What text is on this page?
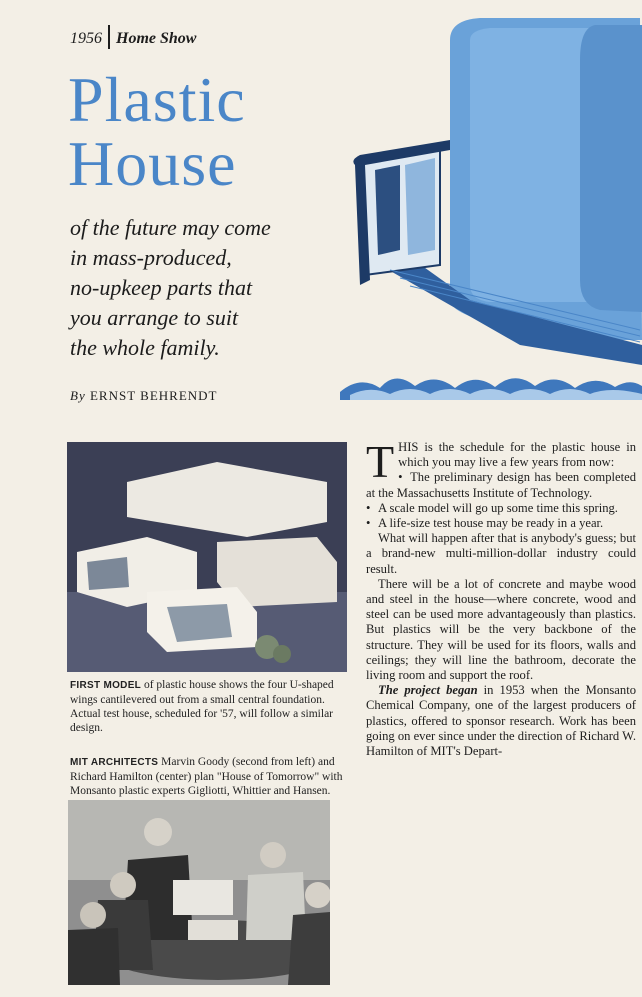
1956 Home Show
Plastic
House
of the future may come
in mass-produced,
no-upkeep parts that
you arrange to suit
the whole family.
By ERNST BEHRENDT
FIRST MODEL of plastic house shows the four U-shaped wings cantilevered out from a small central foundation. Actual test house, scheduled for '57, will follow a similar design.
MIT ARCHITECTS Marvin Goody (second from left) and Richard Hamilton (center) plan "House of Tomorrow" with Monsanto plastic experts Gigliotti, Whittier and Hansen.
T HIS is the schedule for the plastic house in which you may live a few years from now:

• The preliminary design has been completed at the Massachusetts Institute of Technology.

• A scale model will go up some time this spring.

• A life-size test house may be ready in a year.

What will happen after that is anybody's guess; but a brand-new multi-million-dollar industry could result.

There will be a lot of concrete and maybe wood and steel in the house—where concrete, wood and steel can be used more advantageously than plastics. But plastics will be the very backbone of the structure. They will be used for its floors, walls and ceilings; they will line the bathroom, decorate the living room and support the roof.

The project began in 1953 when the Monsanto Chemical Company, one of the largest producers of plastics, offered to sponsor research. Work has been going on ever since under the direction of Richard W. Hamilton of MIT's Depart-
